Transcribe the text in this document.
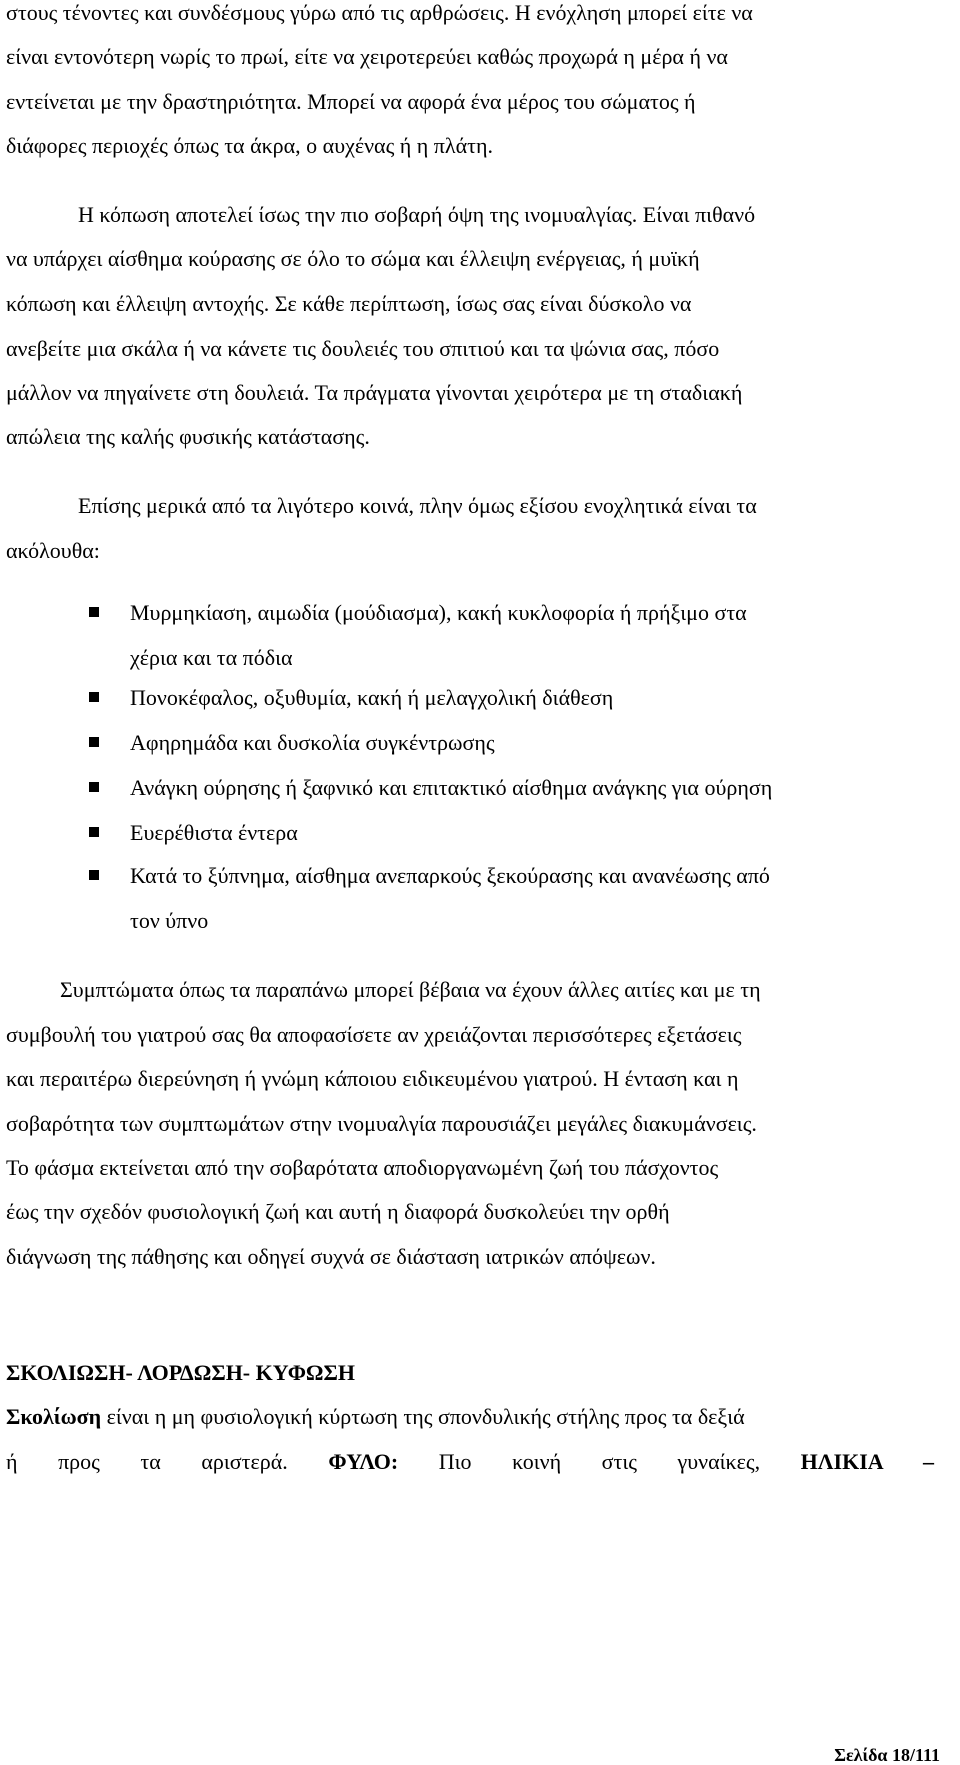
στους τένοντες και συνδέσμους γύρω από τις αρθρώσεις. Η ενόχληση μπορεί είτε να
είναι εντονότερη νωρίς το πρωί, είτε να χειροτερεύει καθώς προχωρά η μέρα ή να
εντείνεται με την δραστηριότητα. Μπορεί να αφορά ένα μέρος του σώματος ή
διάφορες περιοχές όπως τα άκρα, ο αυχένας ή η πλάτη.
Η κόπωση αποτελεί ίσως την πιο σοβαρή όψη της ινομυαλγίας. Είναι πιθανό
να υπάρχει αίσθημα κούρασης σε όλο το σώμα και έλλειψη ενέργειας, ή μυϊκή
κόπωση και έλλειψη αντοχής. Σε κάθε περίπτωση, ίσως σας είναι δύσκολο να
ανεβείτε μια σκάλα ή να κάνετε τις δουλειές του σπιτιού και τα ψώνια σας, πόσο
μάλλον να πηγαίνετε στη δουλειά. Τα πράγματα γίνονται χειρότερα με τη σταδιακή
απώλεια της καλής φυσικής κατάστασης.
Επίσης μερικά από τα λιγότερο κοινά, πλην όμως εξίσου ενοχλητικά είναι τα
ακόλουθα:
Μυρμηκίαση, αιμωδία (μούδιασμα), κακή κυκλοφορία ή πρήξιμο στα
χέρια και τα πόδια
Πονοκέφαλος, οξυθυμία, κακή ή μελαγχολική διάθεση
Αφηρημάδα και δυσκολία συγκέντρωσης
Ανάγκη ούρησης ή ξαφνικό και επιτακτικό αίσθημα ανάγκης για ούρηση
Ευερέθιστα έντερα
Κατά το ξύπνημα, αίσθημα ανεπαρκούς ξεκούρασης και ανανέωσης από
τον ύπνο
Συμπτώματα όπως τα παραπάνω μπορεί βέβαια να έχουν άλλες αιτίες και με τη
συμβουλή του γιατρού σας θα αποφασίσετε αν χρειάζονται περισσότερες εξετάσεις
και περαιτέρω διερεύνηση ή γνώμη κάποιου ειδικευμένου γιατρού. Η ένταση και η
σοβαρότητα των συμπτωμάτων στην ινομυαλγία παρουσιάζει μεγάλες διακυμάνσεις.
Το φάσμα εκτείνεται από την σοβαρότατα αποδιοργανωμένη ζωή του πάσχοντος
έως την σχεδόν φυσιολογική ζωή και αυτή η διαφορά δυσκολεύει την ορθή
διάγνωση της πάθησης και οδηγεί συχνά σε διάσταση ιατρικών απόψεων.
ΣΚΟΛΙΩΣΗ- ΛΟΡΔΩΣΗ- ΚΥΦΩΣΗ
Σκολίωση είναι η μη φυσιολογική κύρτωση της σπονδυλικής στήλης προς τα δεξιά
ή προς τα αριστερά. ΦΥΛΟ: Πιο κοινή στις γυναίκες, ΗΛΙΚΙΑ –
Σελίδα 18/111
